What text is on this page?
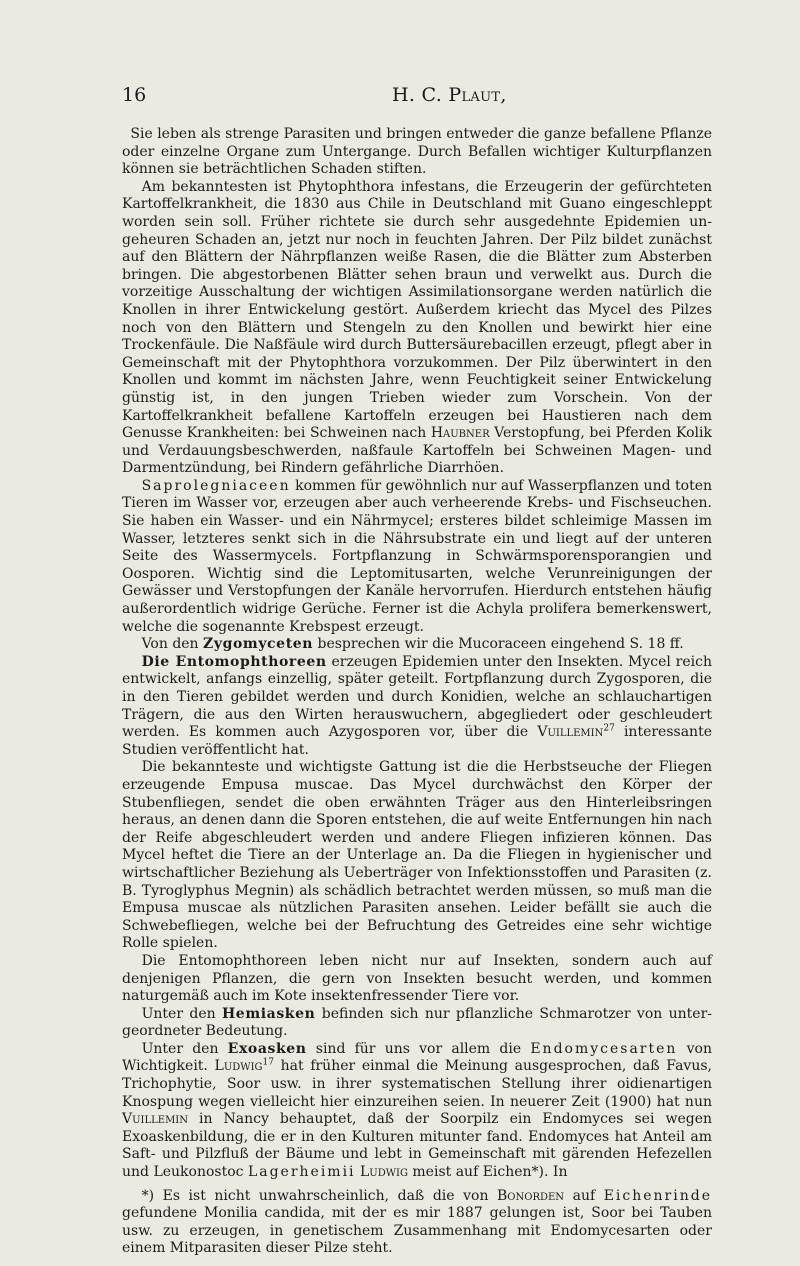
16	H. C. Plaut,

Sie leben als strenge Parasiten und bringen entweder die ganze befallene Pflanze oder einzelne Organe zum Untergange. Durch Befallen wichtiger Kulturpflanzen können sie beträchtlichen Schaden stiften.

Am bekanntesten ist Phytophthora infestans, die Erzeugerin der gefürchteten Kartoffelkrankheit, die 1830 aus Chile in Deutschland mit Guano eingeschleppt worden sein soll. Früher richtete sie durch sehr ausgedehnte Epidemien ungeheuren Schaden an, jetzt nur noch in feuchten Jahren. Der Pilz bildet zunächst auf den Blättern der Nährpflanzen weiße Rasen, die die Blätter zum Absterben bringen. Die abgestorbenen Blätter sehen braun und verwelkt aus. Durch die vorzeitige Ausschaltung der wichtigen Assimilationsorgane werden natürlich die Knollen in ihrer Entwickelung gestört. Außerdem kriecht das Mycel des Pilzes noch von den Blättern und Stengeln zu den Knollen und bewirkt hier eine Trockenfäule. Die Naßfäule wird durch Buttersäurebacillen erzeugt, pflegt aber in Gemeinschaft mit der Phytophthora vorzukommen. Der Pilz überwintert in den Knollen und kommt im nächsten Jahre, wenn Feuchtigkeit seiner Entwickelung günstig ist, in den jungen Trieben wieder zum Vorschein. Von der Kartoffelkrankheit befallene Kartoffeln erzeugen bei Haustieren nach dem Genusse Krankheiten: bei Schweinen nach Haubner Verstopfung, bei Pferden Kolik und Verdauungsbeschwerden, naßfaule Kartoffeln bei Schweinen Magen- und Darmentzündung, bei Rindern gefährliche Diarrhöen.

Saprolegniaceen kommen für gewöhnlich nur auf Wasserpflanzen und toten Tieren im Wasser vor, erzeugen aber auch verheerende Krebs- und Fischseuchen. Sie haben ein Wasser- und ein Nährmycel; ersteres bildet schleimige Massen im Wasser, letzteres senkt sich in die Nährsubstrate ein und liegt auf der unteren Seite des Wassermycels. Fortpflanzung in Schwärmsporensporangien und Oosporen. Wichtig sind die Leptomitusarten, welche Verunreinigungen der Gewässer und Verstopfungen der Kanäle hervorrufen. Hierdurch entstehen häufig außerordentlich widrige Gerüche. Ferner ist die Achyla prolifera bemerkenswert, welche die sogenannte Krebspest erzeugt.

Von den Zygomyceten besprechen wir die Mucoraceen eingehend S. 18 ff.

Die Entomophthoreen erzeugen Epidemien unter den Insekten. Mycel reich entwickelt, anfangs einzellig, später geteilt. Fortpflanzung durch Zygosporen, die in den Tieren gebildet werden und durch Konidien, welche an schlauchartigen Trägern, die aus den Wirten herauswuchern, abgegliedert oder geschleudert werden. Es kommen auch Azygosporen vor, über die Vuillemin$^{27}$ interessante Studien veröffentlicht hat.

Die bekannteste und wichtigste Gattung ist die die Herbstseuche der Fliegen erzeugende Empusa muscae. Das Mycel durchwächst den Körper der Stubenfliegen, sendet die oben erwähnten Träger aus den Hinterleibsringen heraus, an denen dann die Sporen entstehen, die auf weite Entfernungen hin nach der Reife abgeschleudert werden und andere Fliegen infizieren können. Das Mycel heftet die Tiere an der Unterlage an. Da die Fliegen in hygienischer und wirtschaftlicher Beziehung als Ueberträger von Infektionsstoffen und Parasiten (z. B. Tyroglyphus Megnin) als schädlich betrachtet werden müssen, so muß man die Empusa muscae als nützlichen Parasiten ansehen. Leider befällt sie auch die Schwebefliegen, welche bei der Befruchtung des Getreides eine sehr wichtige Rolle spielen.

Die Entomophthoreen leben nicht nur auf Insekten, sondern auch auf denjenigen Pflanzen, die gern von Insekten besucht werden, und kommen naturgemäß auch im Kote insektenfressender Tiere vor.

Unter den Hemiasken befinden sich nur pflanzliche Schmarotzer von untergeordneter Bedeutung.

Unter den Exoasken sind für uns vor allem die Endomycesarten von Wichtigkeit. Ludwig$^{17}$ hat früher einmal die Meinung ausgesprochen, daß Favus, Trichophytie, Soor usw. in ihrer systematischen Stellung ihrer oidienartigen Knospung wegen vielleicht hier einzureihen seien. In neuerer Zeit (1900) hat nun Vuillemin in Nancy behauptet, daß der Soorpilz ein Endomyces sei wegen Exoaskenbildung, die er in den Kulturen mitunter fand. Endomyces hat Anteil am Saft- und Pilzfluß der Bäume und lebt in Gemeinschaft mit gärenden Hefezellen und Leukonostoc Lagerheimii Ludwig meist auf Eichen*). In

*) Es ist nicht unwahrscheinlich, daß die von Bonorden auf Eichenrinde gefundene Monilia candida, mit der es mir 1887 gelungen ist, Soor bei Tauben usw. zu erzeugen, in genetischem Zusammenhang mit Endomycesarten oder einem Mitparasiten dieser Pilze steht.
